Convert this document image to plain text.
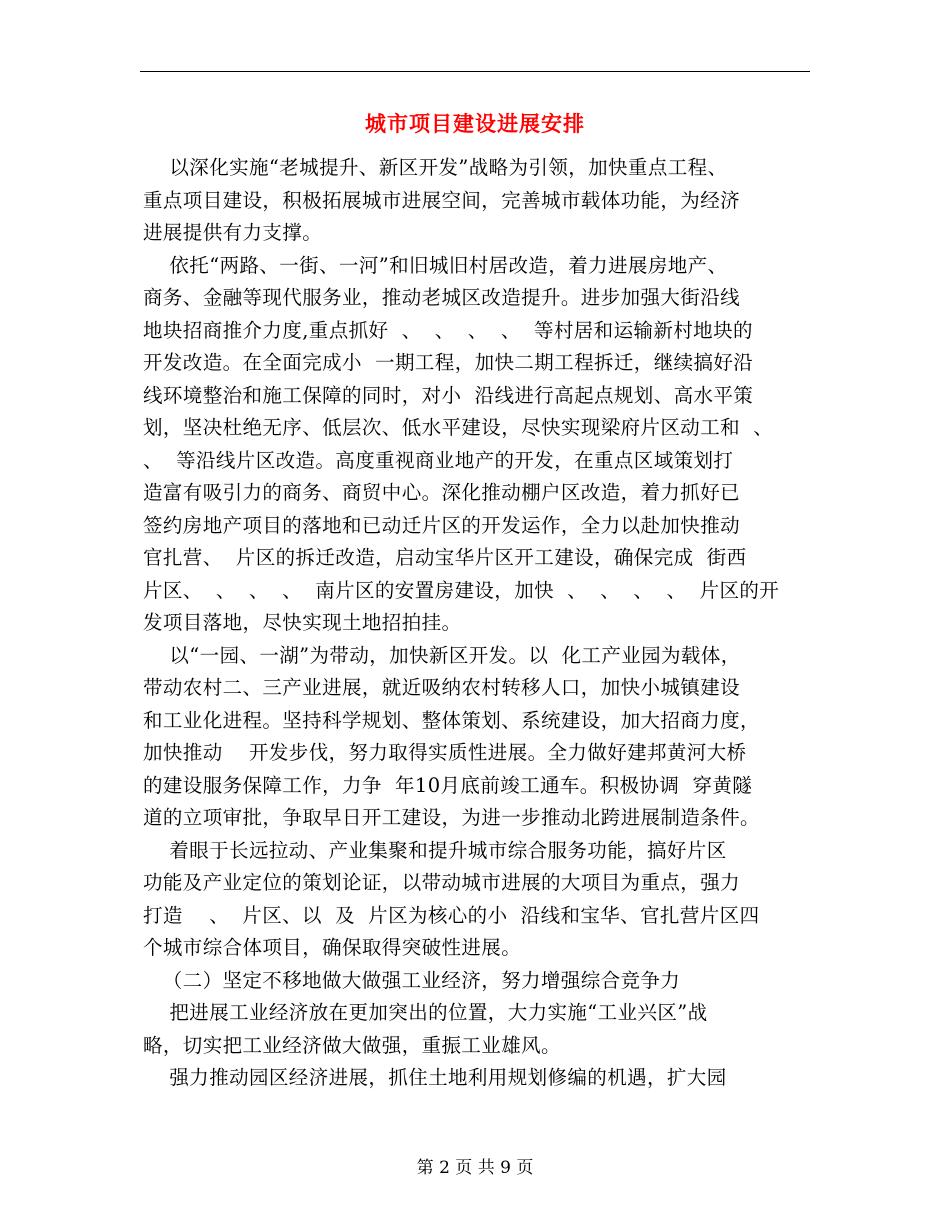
城市项目建设进展安排
以深化实施“老城提升、新区开发”战略为引领，加快重点工程、
重点项目建设，积极拓展城市进展空间，完善城市载体功能，为经济
进展提供有力支撑。
依托“两路、一街、一河”和旧城旧村居改造，着力进展房地产、
商务、金融等现代服务业，推动老城区改造提升。进步加强大街沿线
地块招商推介力度,重点抓好  、  、  、  、  等村居和运输新村地块的
开发改造。在全面完成小  一期工程，加快二期工程拆迁，继续搞好沿
线环境整治和施工保障的同时，对小  沿线进行高起点规划、高水平策
划，坚决杜绝无序、低层次、低水平建设，尽快实现梁府片区动工和  、
、  等沿线片区改造。高度重视商业地产的开发，在重点区域策划打
造富有吸引力的商务、商贸中心。深化推动棚户区改造，着力抓好已
签约房地产项目的落地和已动迁片区的开发运作，全力以赴加快推动
官扎营、  片区的拆迁改造，启动宝华片区开工建设，确保完成  街西
片区、  、  、  、  南片区的安置房建设，加快  、  、  、  、  片区的开
发项目落地，尽快实现土地招拍挂。
以“一园、一湖”为带动，加快新区开发。以  化工产业园为载体，
带动农村二、三产业进展，就近吸纳农村转移人口，加快小城镇建设
和工业化进程。坚持科学规划、整体策划、系统建设，加大招商力度，
加快推动    开发步伐，努力取得实质性进展。全力做好建邦黄河大桥
的建设服务保障工作，力争  年10月底前竣工通车。积极协调  穿黄隧
道的立项审批，争取早日开工建设，为进一步推动北跨进展制造条件。
着眼于长远拉动、产业集聚和提升城市综合服务功能，搞好片区
功能及产业定位的策划论证，以带动城市进展的大项目为重点，强力
打造    、  片区、以  及  片区为核心的小  沿线和宝华、官扎营片区四
个城市综合体项目，确保取得突破性进展。
（二）坚定不移地做大做强工业经济，努力增强综合竞争力
把进展工业经济放在更加突出的位置，大力实施“工业兴区”战
略，切实把工业经济做大做强，重振工业雄风。
强力推动园区经济进展，抓住土地利用规划修编的机遇，扩大园
第 2 页 共 9 页
